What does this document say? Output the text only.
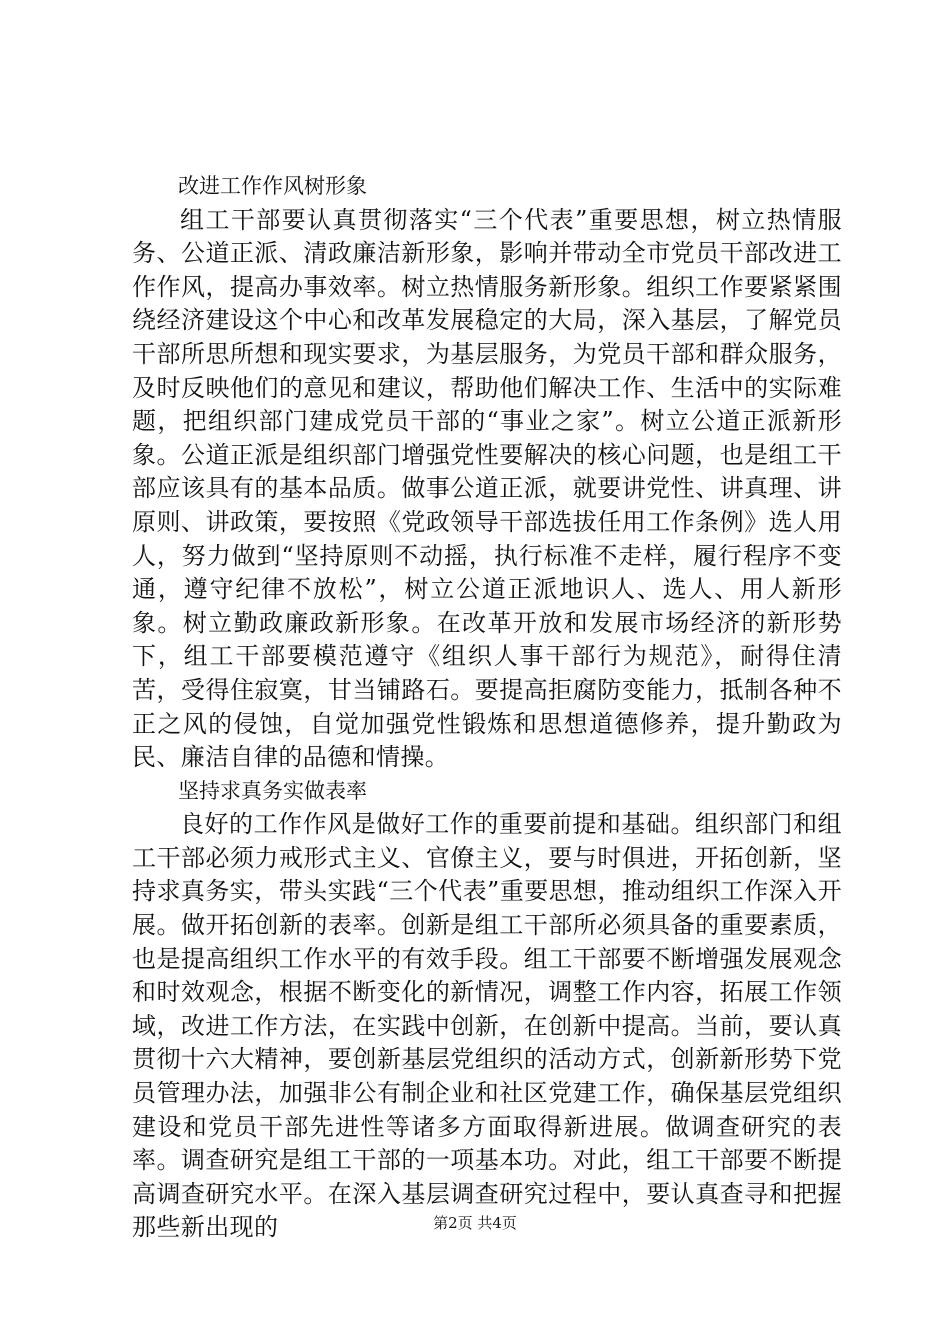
改进工作作风树形象

组工干部要认真贯彻落实“三个代表”重要思想，树立热情服务、公道正派、清政廉洁新形象，影响并带动全市党员干部改进工作作风，提高办事效率。树立热情服务新形象。组织工作要紧紧围绕经济建设这个中心和改革发展稳定的大局，深入基层，了解党员干部所思所想和现实要求，为基层服务，为党员干部和群众服务，及时反映他们的意见和建议，帮助他们解决工作、生活中的实际难题，把组织部门建成党员干部的“事业之家”。树立公道正派新形象。公道正派是组织部门增强党性要解决的核心问题，也是组工干部应该具有的基本品质。做事公道正派，就要讲党性、讲真理、讲原则、讲政策，要按照《党政领导干部选拔任用工作条例》选人用人，努力做到“坚持原则不动摇，执行标准不走样，履行程序不变通，遵守纪律不放松”，树立公道正派地识人、选人、用人新形象。树立勤政廉政新形象。在改革开放和发展市场经济的新形势下，组工干部要模范遵守《组织人事干部行为规范》，耐得住清苦，受得住寂寞，甘当铺路石。要提高拒腐防变能力，抵制各种不正之风的侵蚀，自觉加强党性锻炼和思想道德修养，提升勤政为民、廉洁自律的品德和情操。

坚持求真务实做表率

良好的工作作风是做好工作的重要前提和基础。组织部门和组工干部必须力戒形式主义、官僚主义，要与时俱进，开拓创新，坚持求真务实，带头实践“三个代表”重要思想，推动组织工作深入开展。做开拓创新的表率。创新是组工干部所必须具备的重要素质，也是提高组织工作水平的有效手段。组工干部要不断增强发展观念和时效观念，根据不断变化的新情况，调整工作内容，拓展工作领域，改进工作方法，在实践中创新，在创新中提高。当前，要认真贯彻十六大精神，要创新基层党组织的活动方式，创新新形势下党员管理办法，加强非公有制企业和社区党建工作，确保基层党组织建设和党员干部先进性等诸多方面取得新进展。做调查研究的表率。调查研究是组工干部的一项基本功。对此，组工干部要不断提高调查研究水平。在深入基层调查研究过程中，要认真查寻和把握那些新出现的	第2页 共4页
